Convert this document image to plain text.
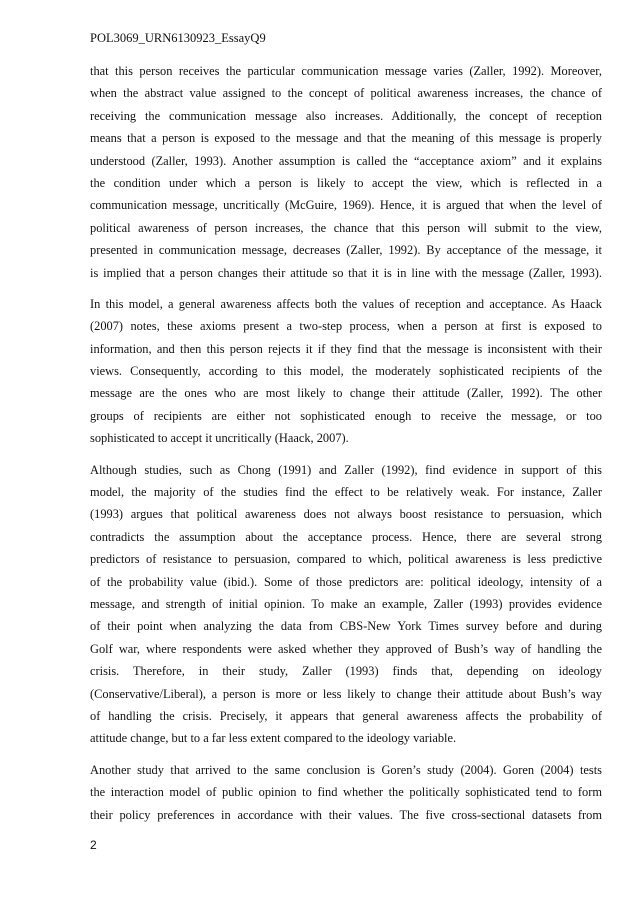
POL3069_URN6130923_EssayQ9
that this person receives the particular communication message varies (Zaller, 1992). Moreover,
when the abstract value assigned to the concept of political awareness increases, the chance of
receiving the communication message also increases. Additionally, the concept of reception
means that a person is exposed to the message and that the meaning of this message is properly
understood (Zaller, 1993). Another assumption is called the “acceptance axiom” and it explains
the condition under which a person is likely to accept the view, which is reflected in a
communication message, uncritically (McGuire, 1969). Hence, it is argued that when the level of
political awareness of person increases, the chance that this person will submit to the view,
presented in communication message, decreases (Zaller, 1992). By acceptance of the message, it
is implied that a person changes their attitude so that it is in line with the message (Zaller, 1993).
In this model, a general awareness affects both the values of reception and acceptance. As Haack
(2007) notes, these axioms present a two-step process, when a person at first is exposed to
information, and then this person rejects it if they find that the message is inconsistent with their
views. Consequently, according to this model, the moderately sophisticated recipients of the
message are the ones who are most likely to change their attitude (Zaller, 1992). The other
groups of recipients are either not sophisticated enough to receive the message, or too
sophisticated to accept it uncritically (Haack, 2007).
Although studies, such as Chong (1991) and Zaller (1992), find evidence in support of this
model, the majority of the studies find the effect to be relatively weak. For instance, Zaller
(1993) argues that political awareness does not always boost resistance to persuasion, which
contradicts the assumption about the acceptance process. Hence, there are several strong
predictors of resistance to persuasion, compared to which, political awareness is less predictive
of the probability value (ibid.). Some of those predictors are: political ideology, intensity of a
message, and strength of initial opinion. To make an example, Zaller (1993) provides evidence
of their point when analyzing the data from CBS-New York Times survey before and during
Golf war, where respondents were asked whether they approved of Bush’s way of handling the
crisis. Therefore, in their study, Zaller (1993) finds that, depending on ideology
(Conservative/Liberal), a person is more or less likely to change their attitude about Bush’s way
of handling the crisis. Precisely, it appears that general awareness affects the probability of
attitude change, but to a far less extent compared to the ideology variable.
Another study that arrived to the same conclusion is Goren’s study (2004). Goren (2004) tests
the interaction model of public opinion to find whether the politically sophisticated tend to form
their policy preferences in accordance with their values. The five cross-sectional datasets from
2
